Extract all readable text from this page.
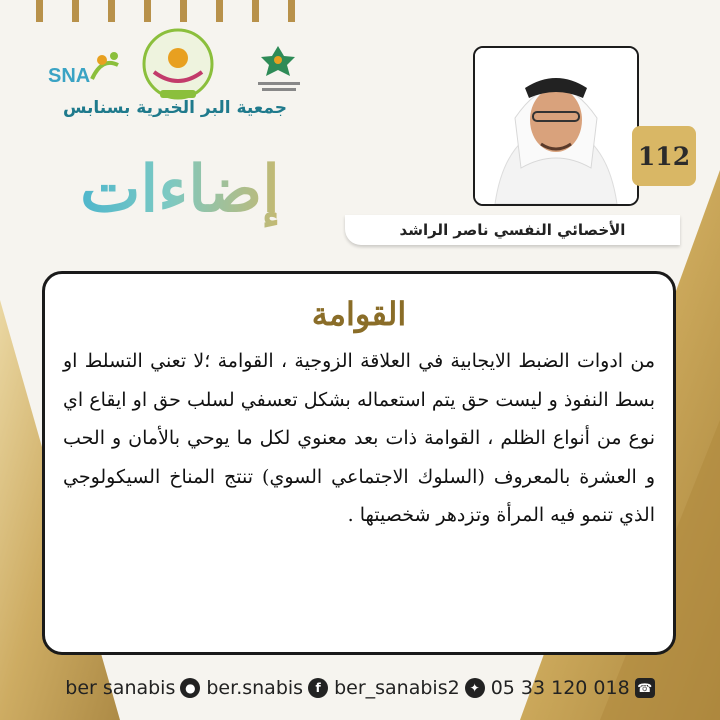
SNA
جمعية البر الخيرية بسنابس
إضاءات	112
الأخصائي النفسي ناصر الراشد
القوامة
من ادوات الضبط الايجابية في العلاقة الزوجية ، القوامة ؛لا تعني التسلط او بسط النفوذ و ليست حق يتم استعماله بشكل تعسفي لسلب حق او ايقاع اي نوع من أنواع الظلم ، القوامة ذات بعد معنوي لكل ما يوحي بالأمان و الحب و العشرة بالمعروف (السلوك الاجتماعي السوي) تنتج المناخ السيكولوجي الذي تنمو فيه المرأة وتزدهر شخصيتها .
ber sanabis ● ber.snabis	f ber_sanabis2 ✦ 05 33 120 018 ☎
